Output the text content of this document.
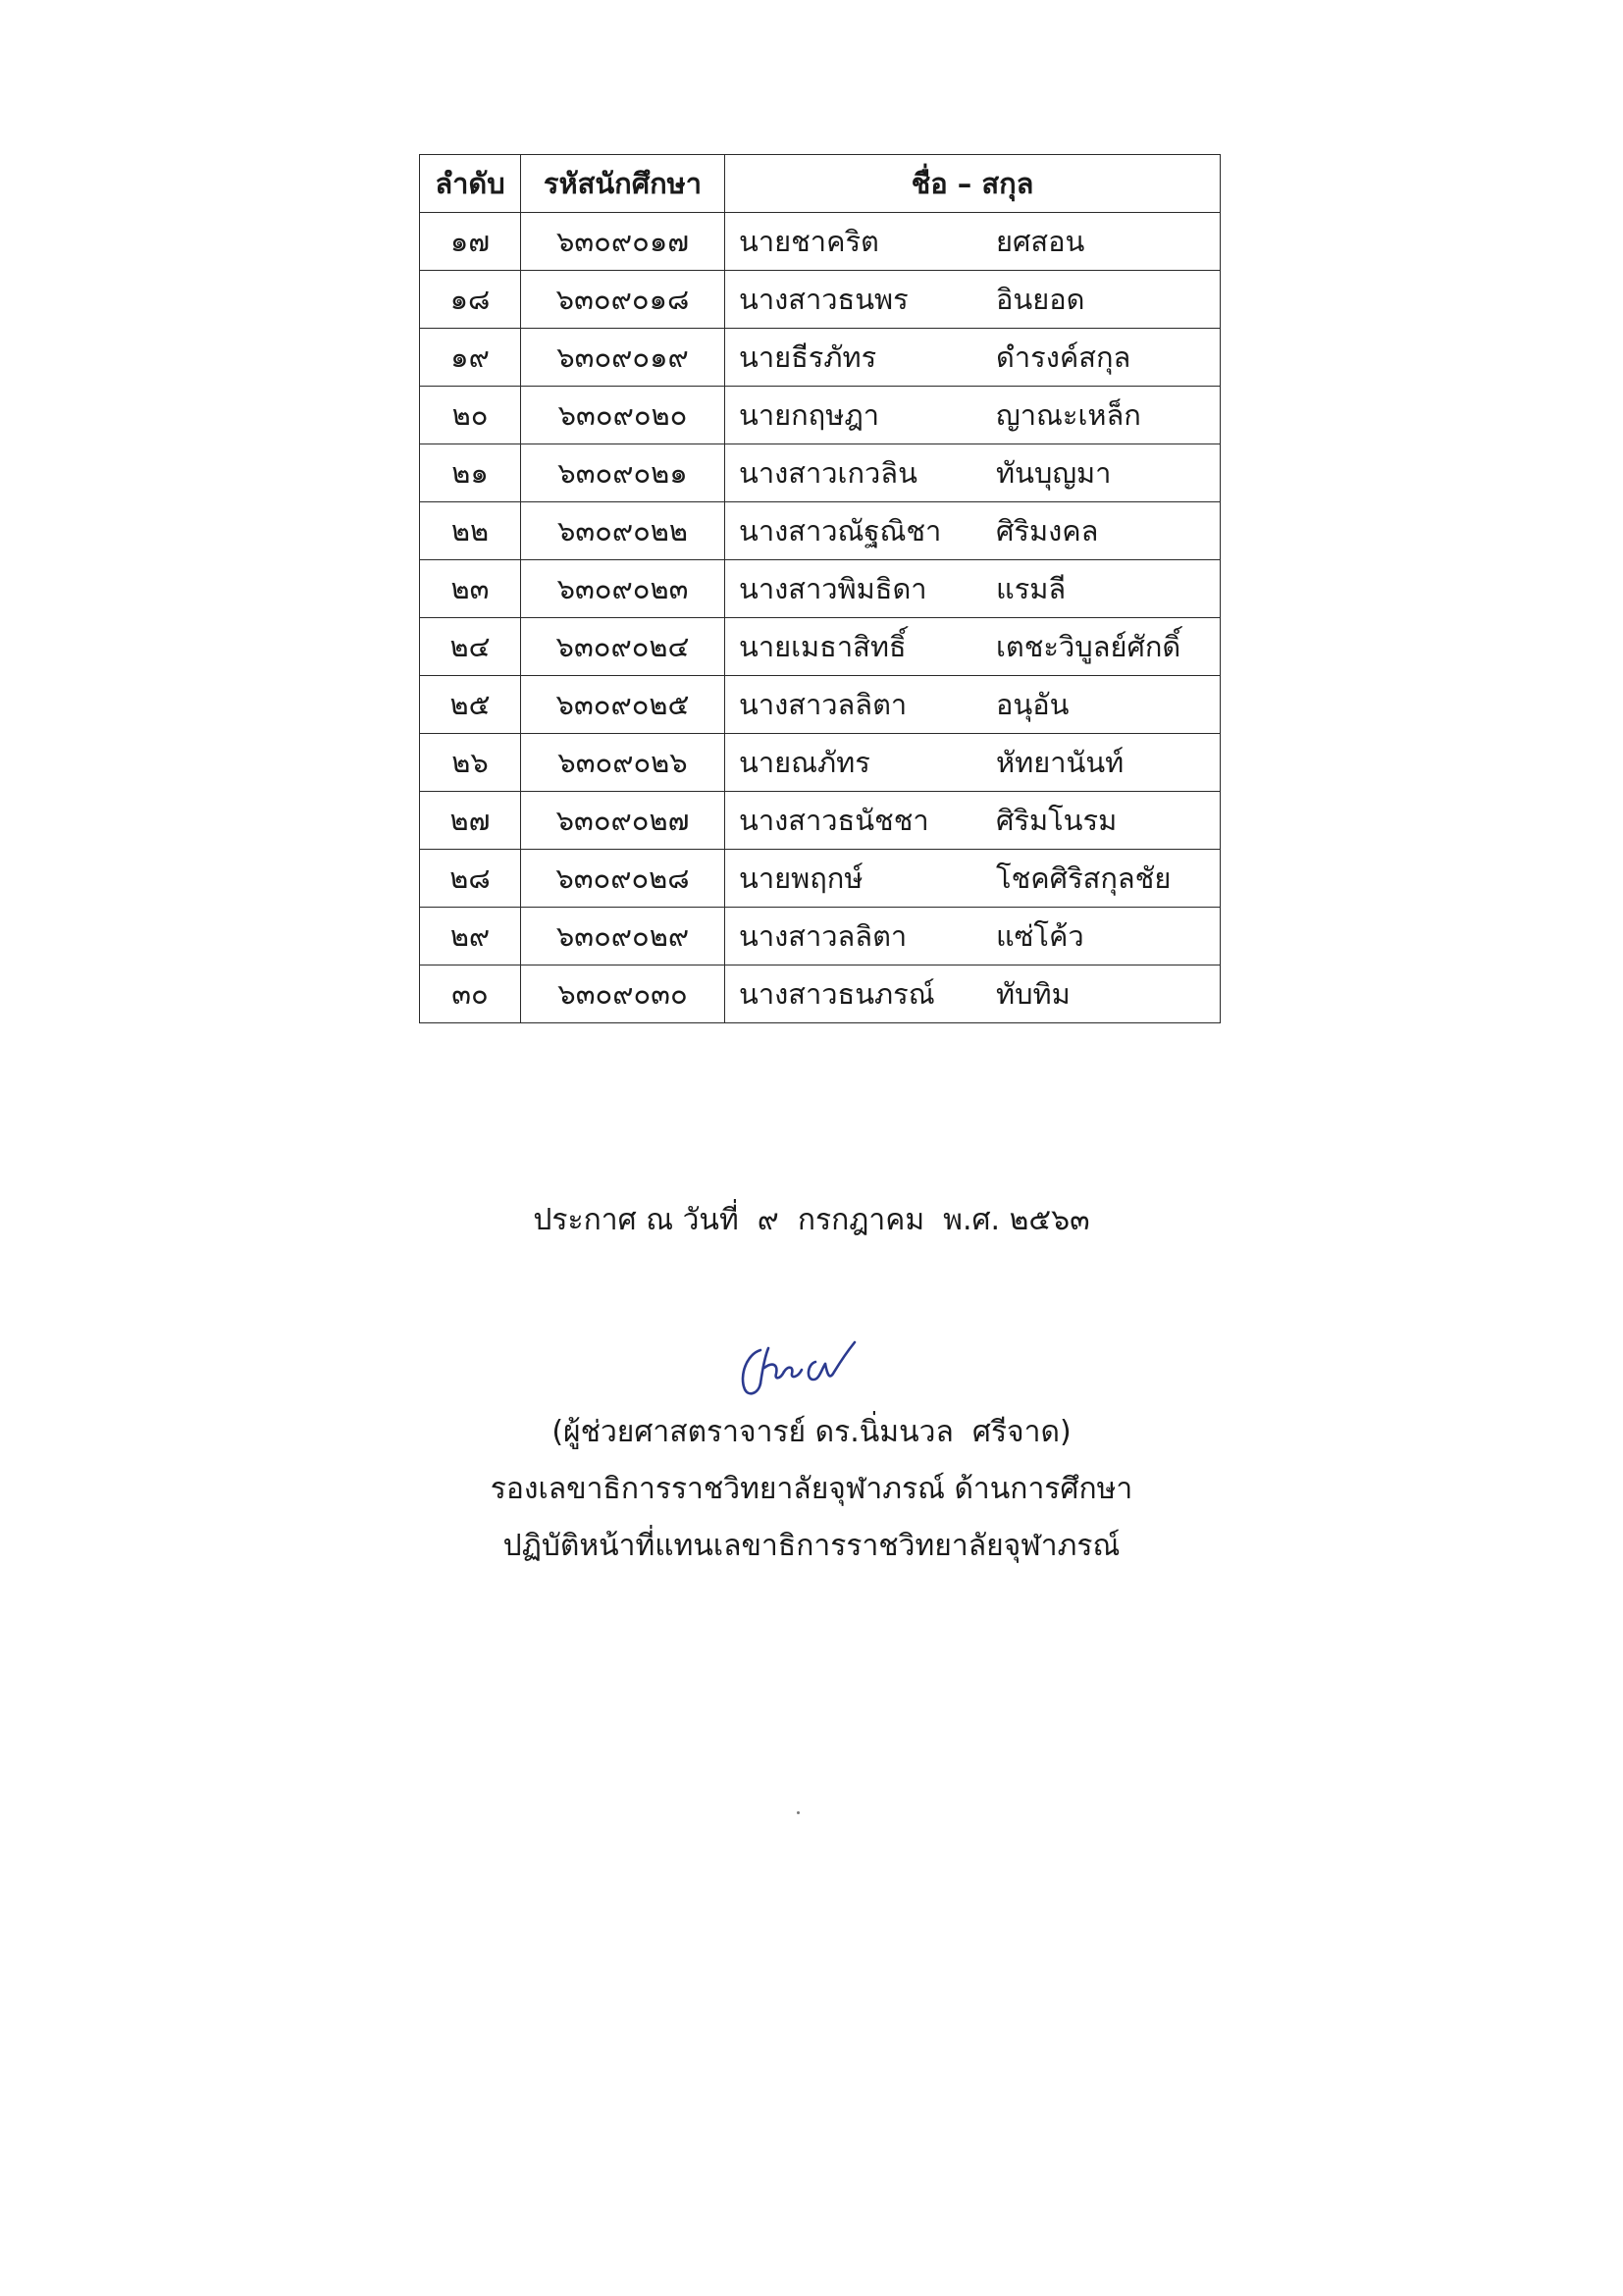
ลำดับ	รหัสนักศึกษา	ชื่อ – สกุล
๑๗	๖๓๐๙๐๑๗	นายชาคริต ยศสอน
๑๘	๖๓๐๙๐๑๘	นางสาวธนพร อินยอด
๑๙	๖๓๐๙๐๑๙	นายธีรภัทร ดำรงค์สกุล
๒๐	๖๓๐๙๐๒๐	นายกฤษฎา ญาณะเหล็ก
๒๑	๖๓๐๙๐๒๑	นางสาวเกวลิน ทันบุญมา
๒๒	๖๓๐๙๐๒๒	นางสาวณัฐณิชา ศิริมงคล
๒๓	๖๓๐๙๐๒๓	นางสาวพิมธิดา แรมลี
๒๔	๖๓๐๙๐๒๔	นายเมธาสิทธิ์ เตชะวิบูลย์ศักดิ์
๒๕	๖๓๐๙๐๒๕	นางสาวลลิตา อนุอัน
๒๖	๖๓๐๙๐๒๖	นายณภัทร หัทยานันท์
๒๗	๖๓๐๙๐๒๗	นางสาวธนัชชา ศิริมโนรม
๒๘	๖๓๐๙๐๒๘	นายพฤกษ์ โชคศิริสกุลชัย
๒๙	๖๓๐๙๐๒๙	นางสาวลลิตา แซ่โค้ว
๓๐	๖๓๐๙๐๓๐	นางสาวธนภรณ์ ทับทิม
ประกาศ ณ วันที่  ๙  กรกฎาคม  พ.ศ. ๒๕๖๓
(ผู้ช่วยศาสตราจารย์ ดร.นิ่มนวล  ศรีจาด)
รองเลขาธิการราชวิทยาลัยจุฬาภรณ์ ด้านการศึกษา
ปฏิบัติหน้าที่แทนเลขาธิการราชวิทยาลัยจุฬาภรณ์
